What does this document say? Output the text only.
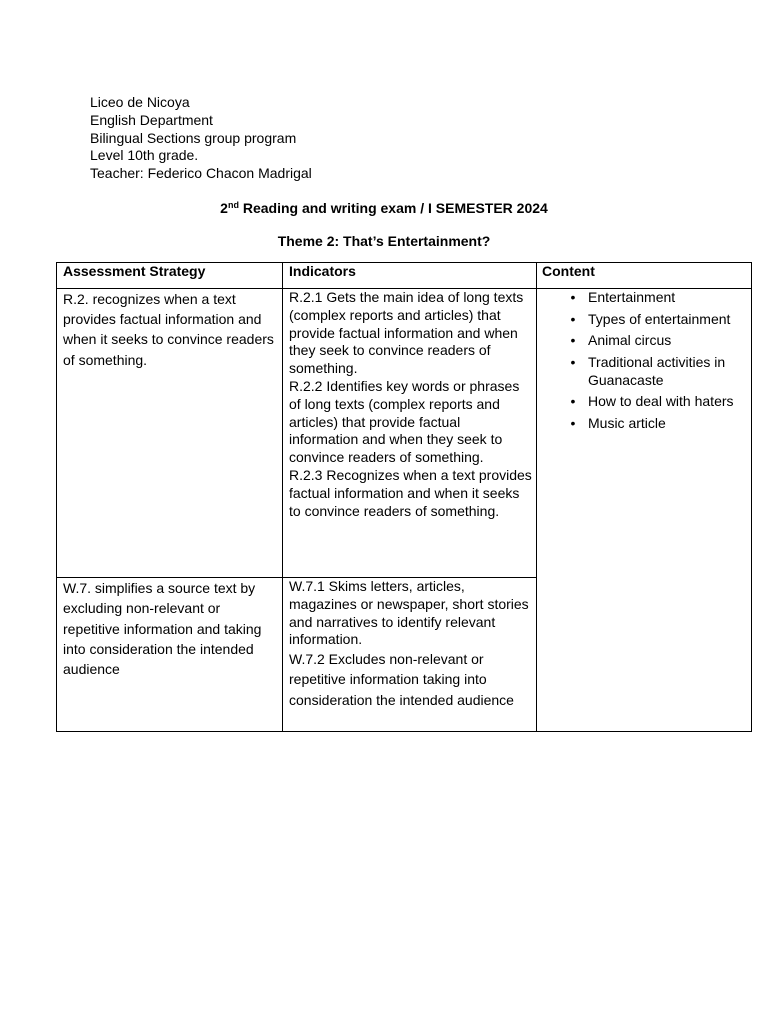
Liceo de Nicoya
English Department
Bilingual Sections group program
Level 10th grade.
Teacher: Federico Chacon Madrigal
2nd Reading and writing exam / I SEMESTER 2024
Theme 2: That’s Entertainment?
Assessment Strategy	Indicators	Content

R.2. recognizes when a text provides factual information and when it seeks to convince readers of something.

R.2.1 Gets the main idea of long texts (complex reports and articles) that provide factual information and when they seek to convince readers of something.

R.2.2 Identifies key words or phrases of long texts (complex reports and articles) that provide factual information and when they seek to convince readers of something.

R.2.3 Recognizes when a text provides factual information and when it seeks to convince readers of something.

W.7. simplifies a source text by excluding non-relevant or repetitive information and taking into consideration the intended audience

W.7.1 Skims letters, articles, magazines or newspaper, short stories and narratives to identify relevant information.

W.7.2 Excludes non-relevant or repetitive information taking into consideration the intended audience

• Entertainment
• Types of entertainment
• Animal circus
• Traditional activities in Guanacaste
• How to deal with haters
• Music article
